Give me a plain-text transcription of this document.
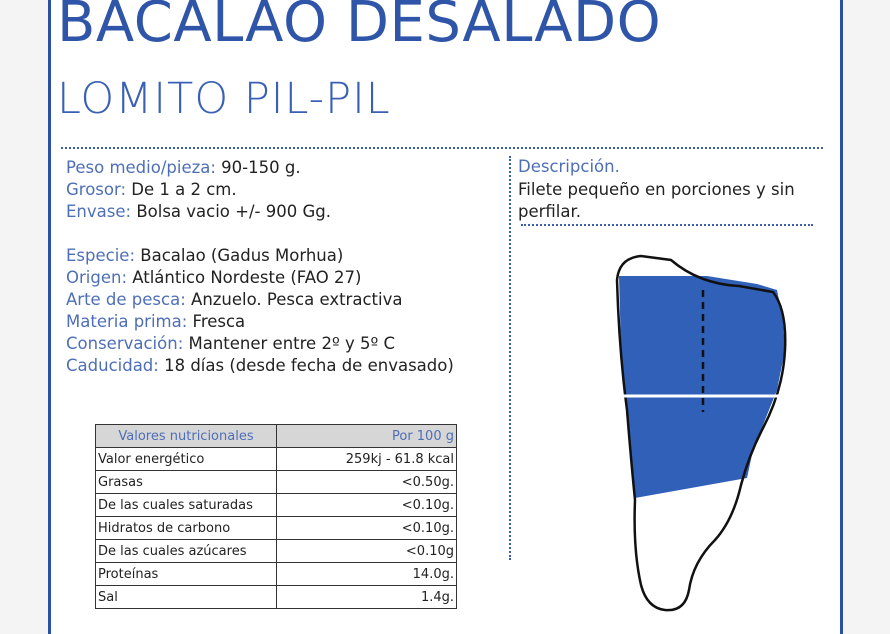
BACALAO DESALADO
LOMITO PIL-PIL
Peso medio/pieza: 90-150 g.
Grosor: De 1 a 2 cm.
Envase: Bolsa vacio +/- 900 Gg.
Especie: Bacalao (Gadus Morhua)
Origen: Atlántico Nordeste (FAO 27)
Arte de pesca: Anzuelo. Pesca extractiva
Materia prima: Fresca
Conservación: Mantener entre 2º y 5º C
Caducidad: 18 días (desde fecha de envasado)
Descripción.
Filete pequeño en porciones y sin perfilar.
Valores nutricionales	Por 100 g
Valor energético	259kj - 61.8 kcal
Grasas	<0.50g.
De las cuales saturadas	<0.10g.
Hidratos de carbono	<0.10g.
De las cuales azúcares	<0.10g
Proteínas	14.0g.
Sal	1.4g.
